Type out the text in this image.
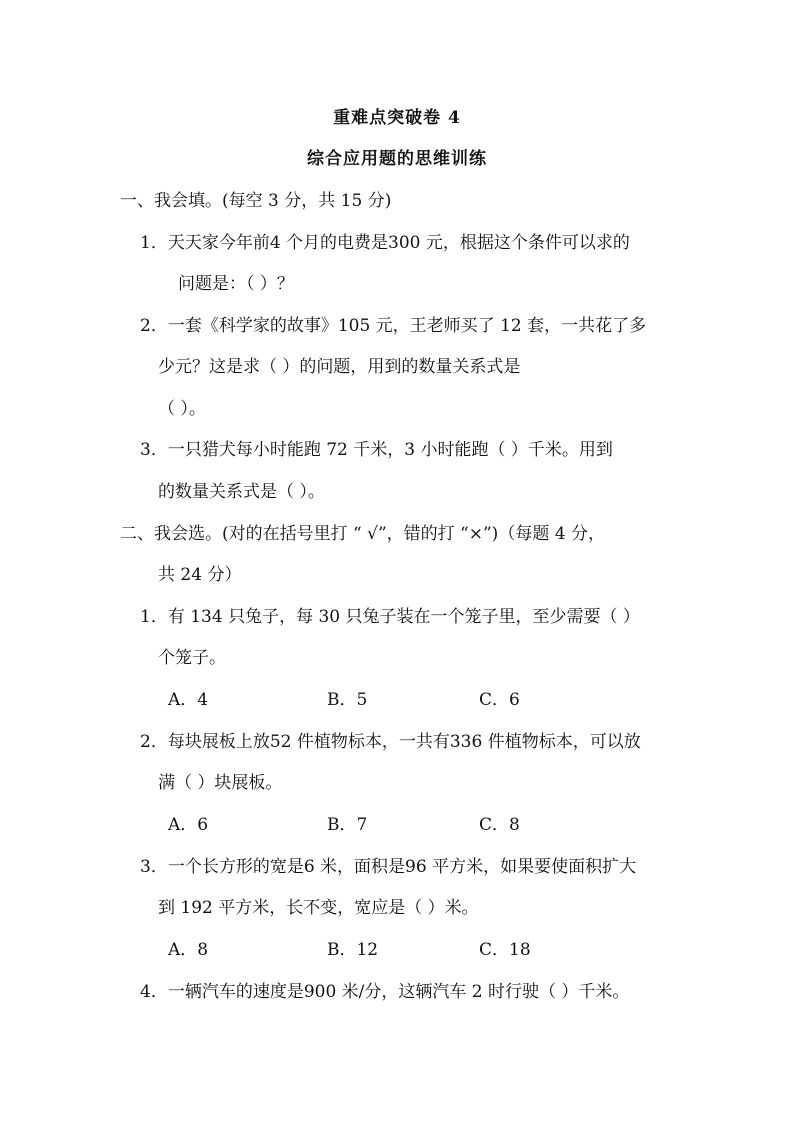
重难点突破卷 4
综合应用题的思维训练
一、我会填。(每空 3 分，共 15 分)
1．天天家今年前4 个月的电费是300 元，根据这个条件可以求的
问题是：（ ）？
2．一套《科学家的故事》105 元，王老师买了 12 套，一共花了多
少元？这是求（ ）的问题，用到的数量关系式是
（ ）。
3．一只猎犬每小时能跑 72 千米，3 小时能跑（ ）千米。用到
的数量关系式是（ ）。
二、我会选。(对的在括号里打 “ √”，错的打 “×”)（每题 4 分，
共 24 分）
1．有 134 只兔子，每 30 只兔子装在一个笼子里，至少需要（ ）
个笼子。
A．4	B．5	C．6
2．每块展板上放52 件植物标本，一共有336 件植物标本，可以放
满（ ）块展板。
A．6	B．7	C．8
3．一个长方形的宽是6 米，面积是96 平方米，如果要使面积扩大
到 192 平方米，长不变，宽应是（ ）米。
A．8	B．12	C．18
4．一辆汽车的速度是900 米/分，这辆汽车 2 时行驶（ ）千米。
